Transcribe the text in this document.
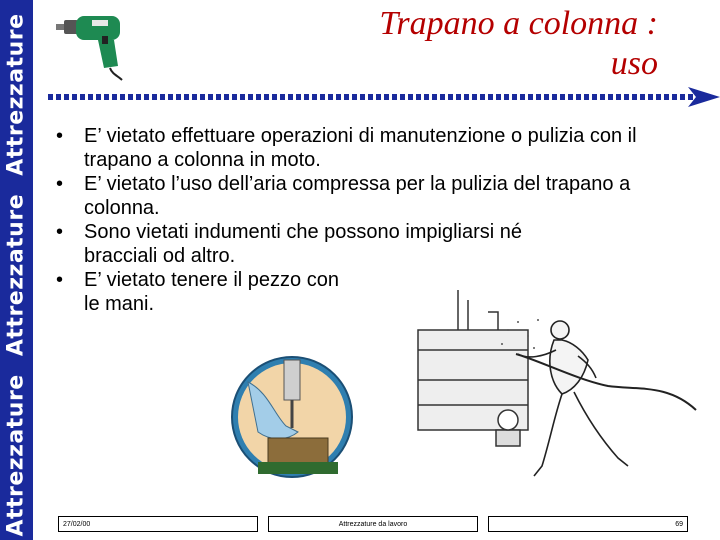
Attrezzature Attrezzature Attrezzature	Trapano a colonna :
uso
• E’ vietato effettuare operazioni di manutenzione o pulizia con il trapano a colonna in moto.
• E’ vietato l’uso dell’aria compressa per la pulizia del trapano a colonna.
• Sono vietati indumenti che possono impigliarsi né bracciali od altro.
• E’ vietato tenere il pezzo con le mani.
27/02/00	Attrezzature da lavoro	69
